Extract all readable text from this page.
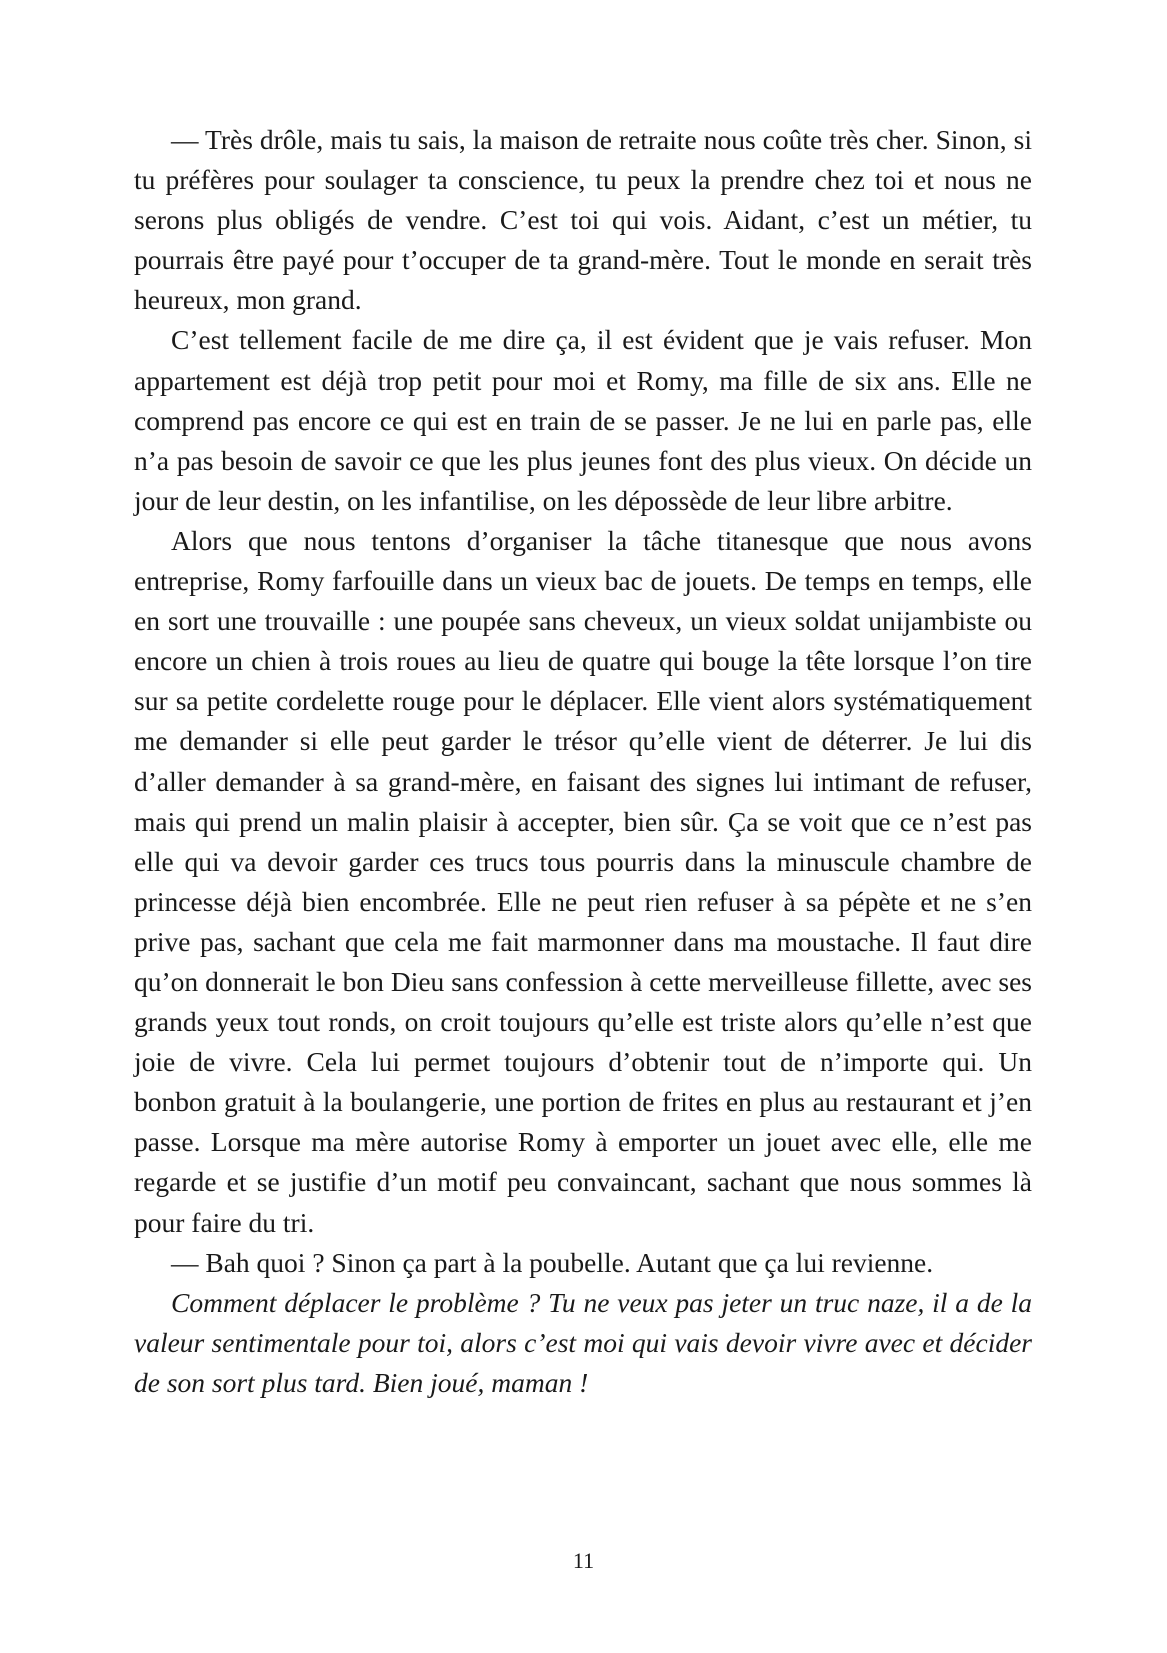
— Très drôle, mais tu sais, la maison de retraite nous coûte très cher. Sinon, si tu préfères pour soulager ta conscience, tu peux la prendre chez toi et nous ne serons plus obligés de vendre. C’est toi qui vois. Aidant, c’est un métier, tu pourrais être payé pour t’occuper de ta grand-mère. Tout le monde en serait très heureux, mon grand.

C’est tellement facile de me dire ça, il est évident que je vais refuser. Mon appartement est déjà trop petit pour moi et Romy, ma fille de six ans. Elle ne comprend pas encore ce qui est en train de se passer. Je ne lui en parle pas, elle n’a pas besoin de savoir ce que les plus jeunes font des plus vieux. On décide un jour de leur destin, on les infantilise, on les dépossède de leur libre arbitre.

Alors que nous tentons d’organiser la tâche titanesque que nous avons entreprise, Romy farfouille dans un vieux bac de jouets. De temps en temps, elle en sort une trouvaille : une poupée sans cheveux, un vieux soldat unijambiste ou encore un chien à trois roues au lieu de quatre qui bouge la tête lorsque l’on tire sur sa petite cordelette rouge pour le déplacer. Elle vient alors systématiquement me demander si elle peut garder le trésor qu’elle vient de déterrer. Je lui dis d’aller demander à sa grand-mère, en faisant des signes lui intimant de refuser, mais qui prend un malin plaisir à accepter, bien sûr. Ça se voit que ce n’est pas elle qui va devoir garder ces trucs tous pourris dans la minuscule chambre de princesse déjà bien encombrée. Elle ne peut rien refuser à sa pépète et ne s’en prive pas, sachant que cela me fait marmonner dans ma moustache. Il faut dire qu’on donnerait le bon Dieu sans confession à cette merveilleuse fillette, avec ses grands yeux tout ronds, on croit toujours qu’elle est triste alors qu’elle n’est que joie de vivre. Cela lui permet toujours d’obtenir tout de n’importe qui. Un bonbon gratuit à la boulangerie, une portion de frites en plus au restaurant et j’en passe. Lorsque ma mère autorise Romy à emporter un jouet avec elle, elle me regarde et se justifie d’un motif peu convaincant, sachant que nous sommes là pour faire du tri.

— Bah quoi ? Sinon ça part à la poubelle. Autant que ça lui revienne.

Comment déplacer le problème ? Tu ne veux pas jeter un truc naze, il a de la valeur sentimentale pour toi, alors c’est moi qui vais devoir vivre avec et décider de son sort plus tard. Bien joué, maman !

11
